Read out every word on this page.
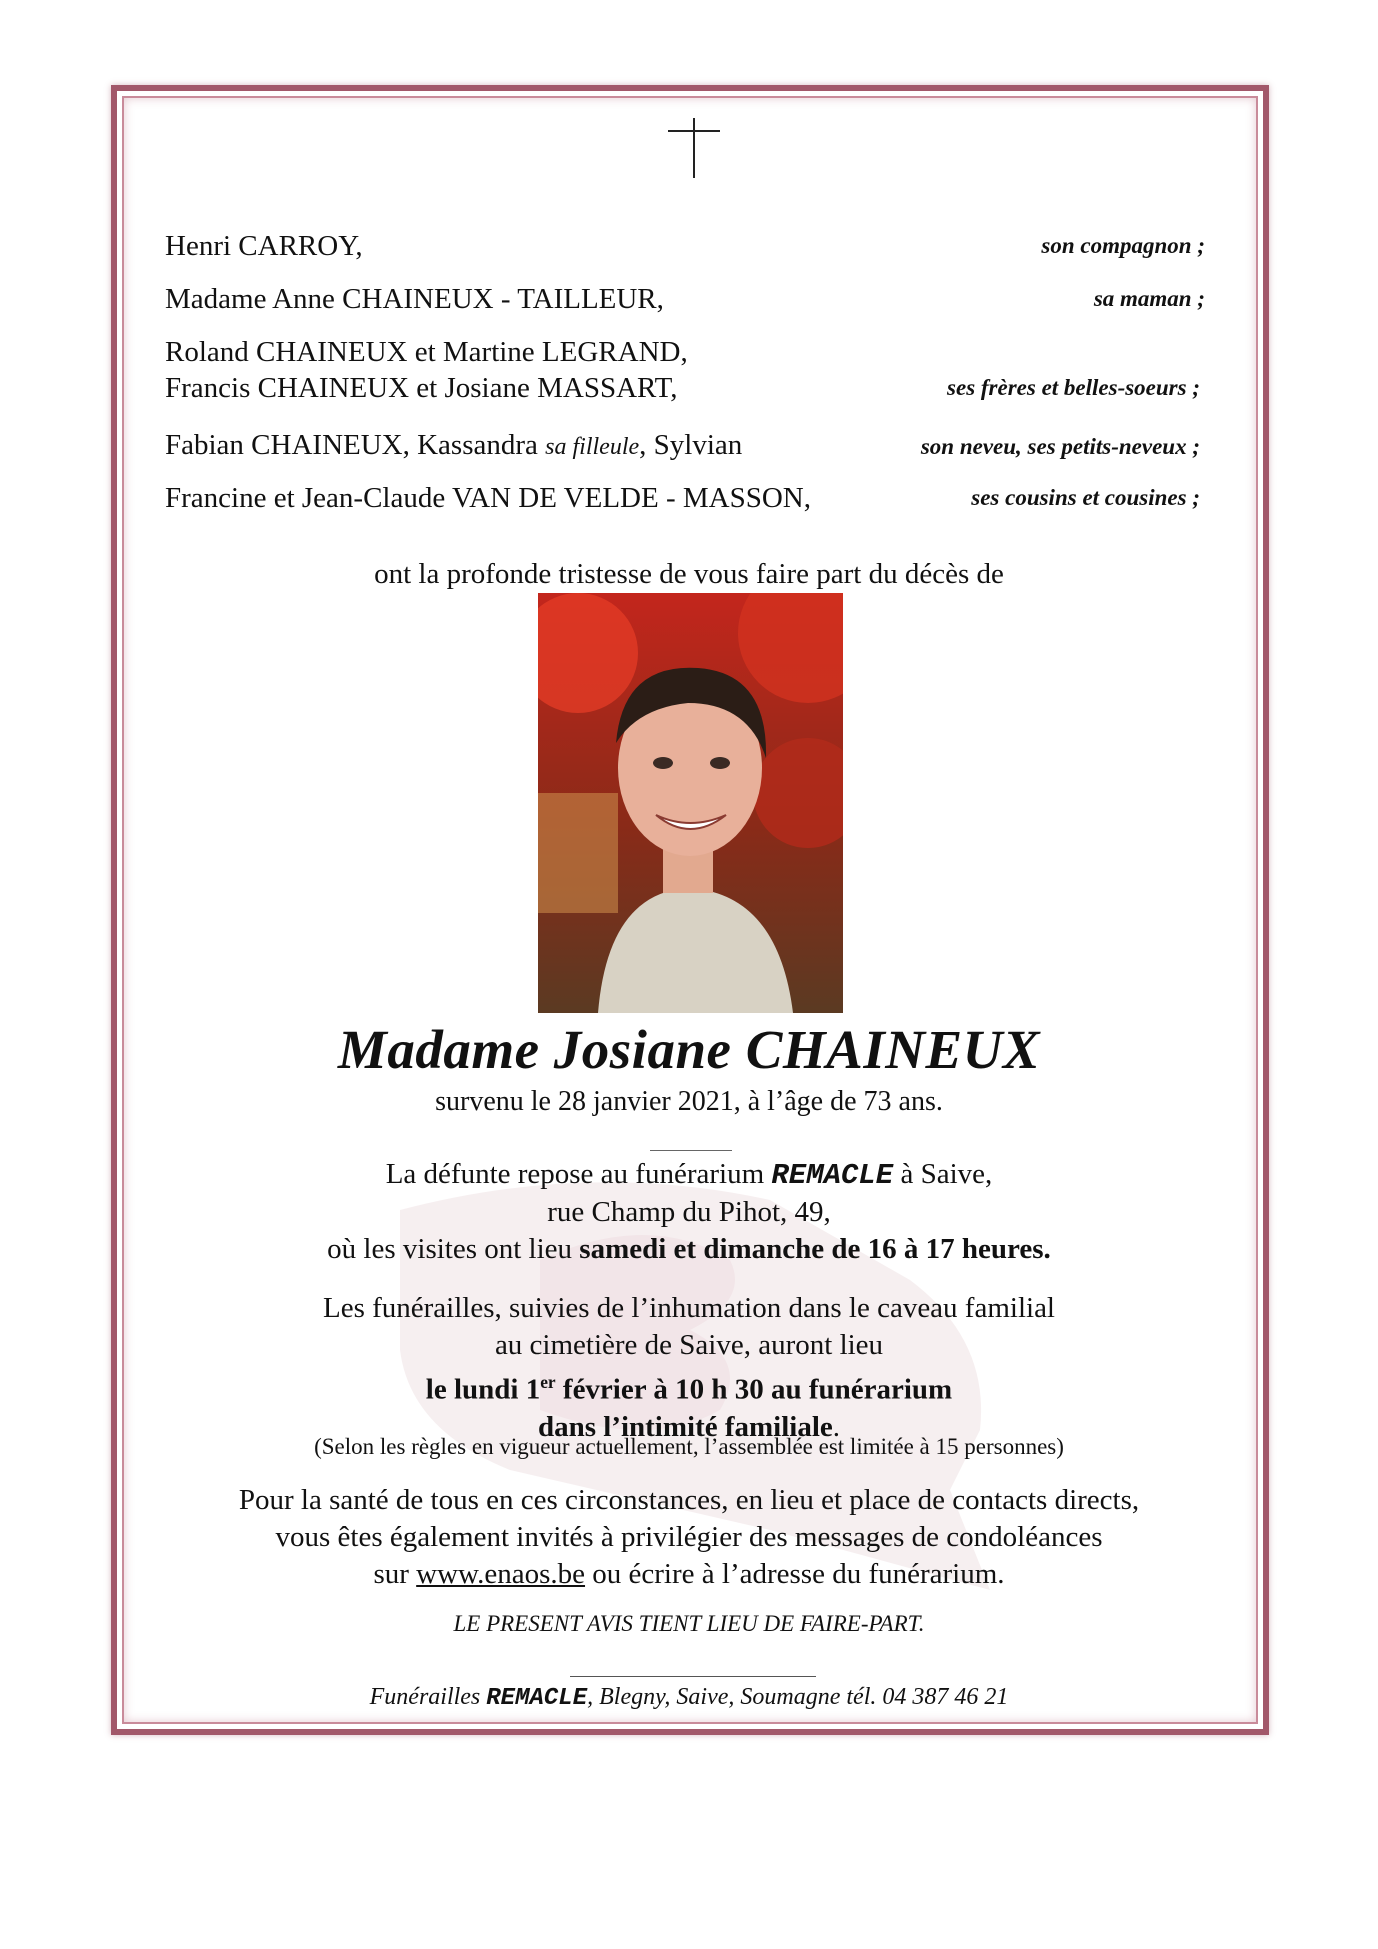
Henri CARROY,	son compagnon ;
Madame Anne CHAINEUX - TAILLEUR,	sa maman ;
Roland CHAINEUX et Martine LEGRAND,
Francis CHAINEUX et Josiane MASSART,	ses frères et belles-soeurs ;
Fabian CHAINEUX, Kassandra sa filleule, Sylvian	son neveu, ses petits-neveux ;
Francine et Jean-Claude VAN DE VELDE - MASSON,	ses cousins et cousines ;
ont la profonde tristesse de vous faire part du décès de
Madame Josiane CHAINEUX
survenu le 28 janvier 2021, à l’âge de 73 ans.
La défunte repose au funérarium REMACLE à Saive,
rue Champ du Pihot, 49,
où les visites ont lieu samedi et dimanche de 16 à 17 heures.
Les funérailles, suivies de l’inhumation dans le caveau familial
au cimetière de Saive, auront lieu
le lundi 1er février à 10 h 30 au funérarium
dans l’intimité familiale.
(Selon les règles en vigueur actuellement, l’assemblée est limitée à 15 personnes)
Pour la santé de tous en ces circonstances, en lieu et place de contacts directs,
vous êtes également invités à privilégier des messages de condoléances
sur www.enaos.be ou écrire à l’adresse du funérarium.
LE PRESENT AVIS TIENT LIEU DE FAIRE-PART.
Funérailles REMACLE, Blegny, Saive, Soumagne tél. 04 387 46 21
